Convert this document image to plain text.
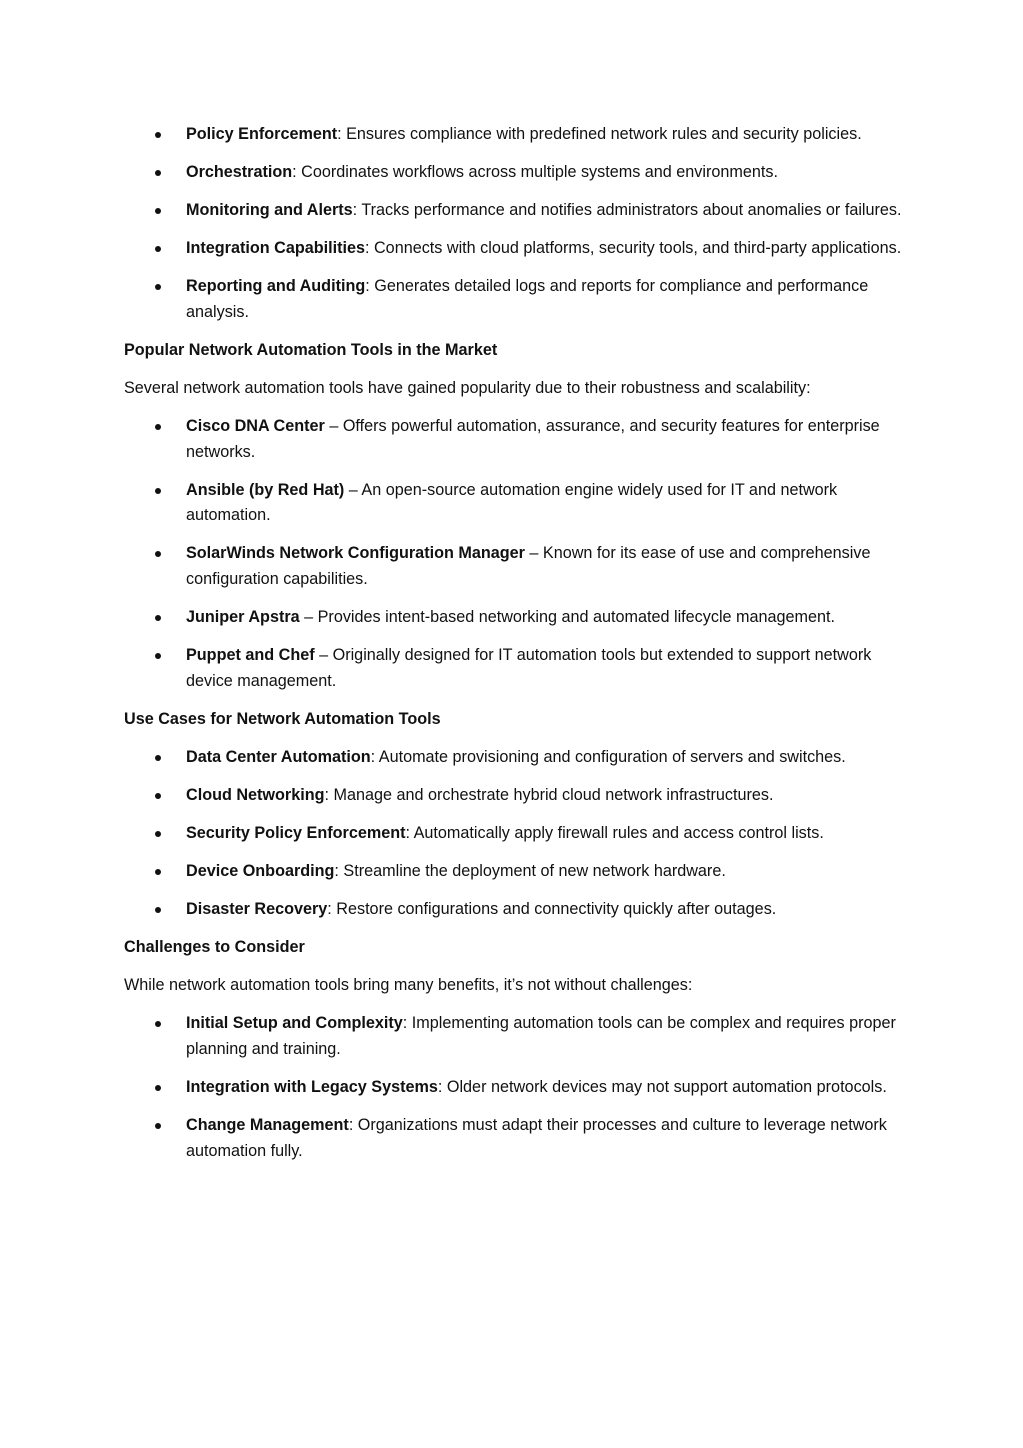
Policy Enforcement: Ensures compliance with predefined network rules and security policies.
Orchestration: Coordinates workflows across multiple systems and environments.
Monitoring and Alerts: Tracks performance and notifies administrators about anomalies or failures.
Integration Capabilities: Connects with cloud platforms, security tools, and third-party applications.
Reporting and Auditing: Generates detailed logs and reports for compliance and performance analysis.

Popular Network Automation Tools in the Market

Several network automation tools have gained popularity due to their robustness and scalability:

Cisco DNA Center – Offers powerful automation, assurance, and security features for enterprise networks.
Ansible (by Red Hat) – An open-source automation engine widely used for IT and network automation.
SolarWinds Network Configuration Manager – Known for its ease of use and comprehensive configuration capabilities.
Juniper Apstra – Provides intent-based networking and automated lifecycle management.
Puppet and Chef – Originally designed for IT automation tools but extended to support network device management.

Use Cases for Network Automation Tools

Data Center Automation: Automate provisioning and configuration of servers and switches.
Cloud Networking: Manage and orchestrate hybrid cloud network infrastructures.
Security Policy Enforcement: Automatically apply firewall rules and access control lists.
Device Onboarding: Streamline the deployment of new network hardware.
Disaster Recovery: Restore configurations and connectivity quickly after outages.

Challenges to Consider

While network automation tools bring many benefits, it’s not without challenges:

Initial Setup and Complexity: Implementing automation tools can be complex and requires proper planning and training.
Integration with Legacy Systems: Older network devices may not support automation protocols.
Change Management: Organizations must adapt their processes and culture to leverage network automation fully.
